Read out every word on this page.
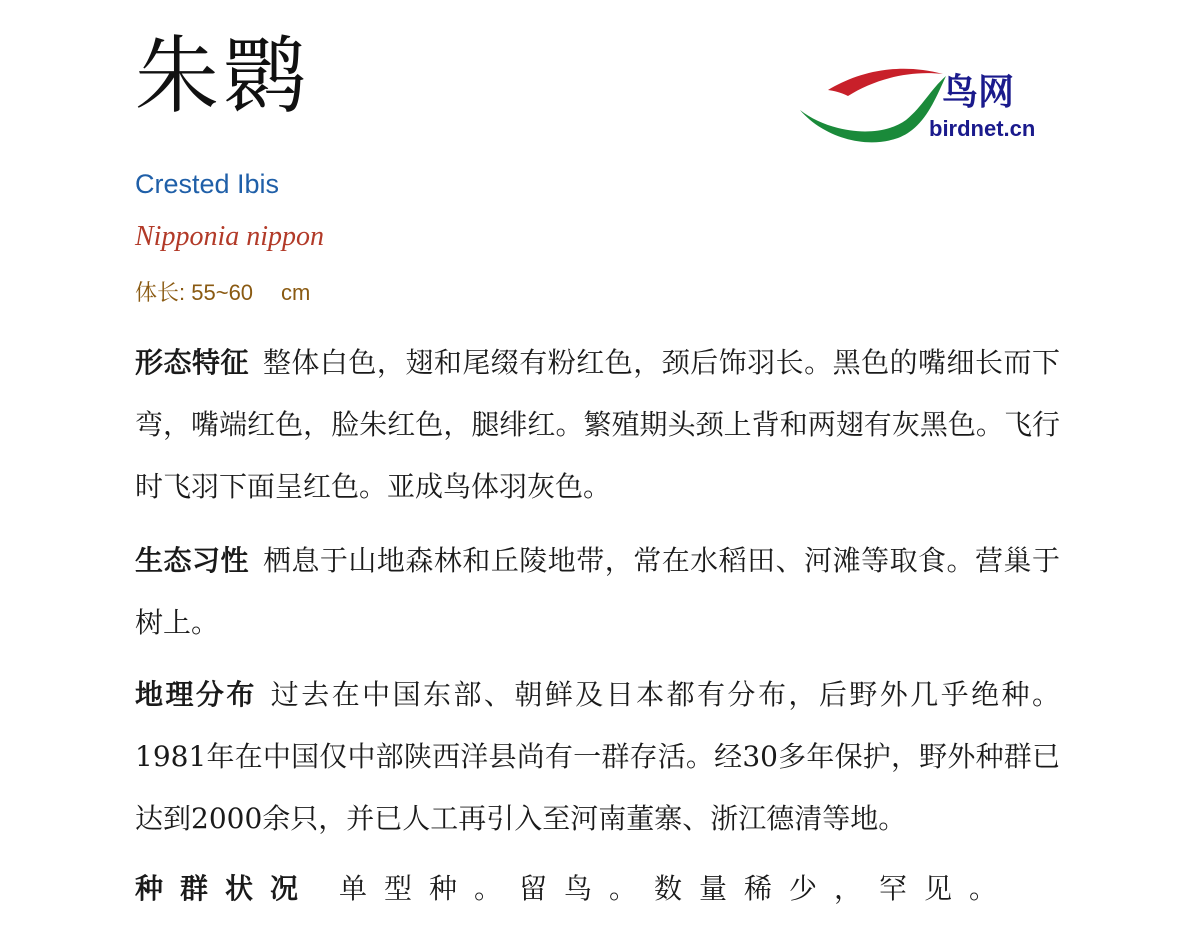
朱鹮	鸟网
birdnet.cn
Crested Ibis
Nipponia nippon
体长: 55~60 cm
形态特征 整体白色，翅和尾缀有粉红色，颈后饰羽长。黑色的嘴细长而下弯，嘴端红色，脸朱红色，腿绯红。繁殖期头颈上背和两翅有灰黑色。飞行时飞羽下面呈红色。亚成鸟体羽灰色。
生态习性 栖息于山地森林和丘陵地带，常在水稻田、河滩等取食。营巢于树上。
地理分布 过去在中国东部、朝鲜及日本都有分布，后野外几乎绝种。1981年在中国仅中部陕西洋县尚有一群存活。经30多年保护，野外种群已达到2000余只，并已人工再引入至河南董寨、浙江德清等地。
种群状况 单型种。留鸟。数量稀少，罕见。
